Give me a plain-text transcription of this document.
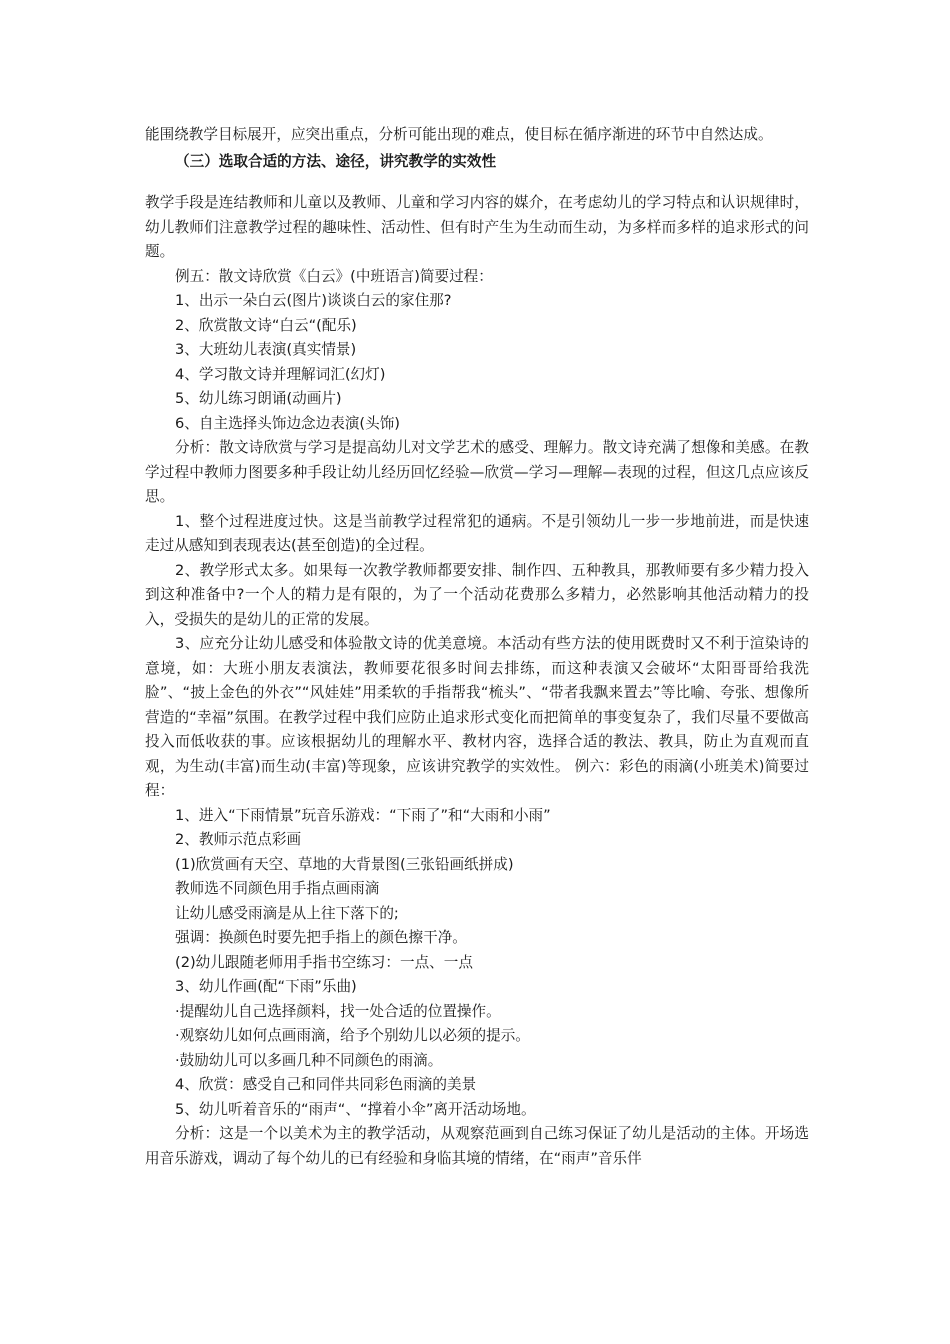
能围绕教学目标展开，应突出重点，分析可能出现的难点，使目标在循序渐进的环节中自然达成。

（三）选取合适的方法、途径，讲究教学的实效性

教学手段是连结教师和儿童以及教师、儿童和学习内容的媒介，在考虑幼儿的学习特点和认识规律时，幼儿教师们注意教学过程的趣味性、活动性、但有时产生为生动而生动，为多样而多样的追求形式的问题。

例五：散文诗欣赏《白云》(中班语言)简要过程：

1、出示一朵白云(图片)谈谈白云的家住那?

2、欣赏散文诗“白云“(配乐)

3、大班幼儿表演(真实情景)

4、学习散文诗并理解词汇(幻灯)

5、幼儿练习朗诵(动画片)

6、自主选择头饰边念边表演(头饰)

分析：散文诗欣赏与学习是提高幼儿对文学艺术的感受、理解力。散文诗充满了想像和美感。在教学过程中教师力图要多种手段让幼儿经历回忆经验—欣赏—学习—理解—表现的过程，但这几点应该反思。

1、整个过程进度过快。这是当前教学过程常犯的通病。不是引领幼儿一步一步地前进，而是快速走过从感知到表现表达(甚至创造)的全过程。

2、教学形式太多。如果每一次教学教师都要安排、制作四、五种教具，那教师要有多少精力投入到这种准备中?一个人的精力是有限的，为了一个活动花费那么多精力，必然影响其他活动精力的投入，受损失的是幼儿的正常的发展。

3、应充分让幼儿感受和体验散文诗的优美意境。本活动有些方法的使用既费时又不利于渲染诗的意境，如：大班小朋友表演法，教师要花很多时间去排练，而这种表演又会破坏“太阳哥哥给我洗脸”、“披上金色的外衣”“风娃娃”用柔软的手指帮我“梳头”、“带者我飘来置去”等比喻、夸张、想像所营造的“幸福”氛围。在教学过程中我们应防止追求形式变化而把简单的事变复杂了，我们尽量不要做高投入而低收获的事。应该根据幼儿的理解水平、教材内容，选择合适的教法、教具，防止为直观而直观，为生动(丰富)而生动(丰富)等现象，应该讲究教学的实效性。 例六：彩色的雨滴(小班美术)简要过程：

1、进入“下雨情景”玩音乐游戏：“下雨了”和“大雨和小雨”

2、教师示范点彩画

(1)欣赏画有天空、草地的大背景图(三张铅画纸拼成)

教师选不同颜色用手指点画雨滴

让幼儿感受雨滴是从上往下落下的;

强调：换颜色时要先把手指上的颜色擦干净。

(2)幼儿跟随老师用手指书空练习：一点、一点

3、幼儿作画(配“下雨”乐曲)

·提醒幼儿自己选择颜料，找一处合适的位置操作。

·观察幼儿如何点画雨滴，给予个别幼儿以必须的提示。

·鼓励幼儿可以多画几种不同颜色的雨滴。

4、欣赏：感受自己和同伴共同彩色雨滴的美景

5、幼儿听着音乐的“雨声“、“撑着小伞”离开活动场地。

分析：这是一个以美术为主的教学活动，从观察范画到自己练习保证了幼儿是活动的主体。开场选用音乐游戏，调动了每个幼儿的已有经验和身临其境的情绪，在“雨声”音乐伴
